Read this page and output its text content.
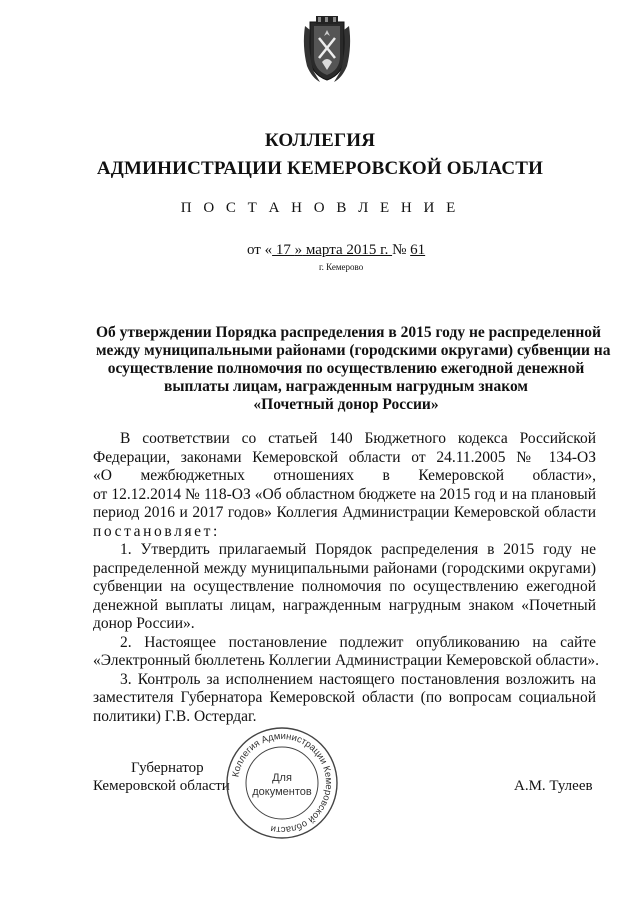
КОЛЛЕГИЯ
АДМИНИСТРАЦИИ КЕМЕРОВСКОЙ ОБЛАСТИ
П О С Т А Н О В Л Е Н И Е
от « 17 » марта 2015 г. № 61
г. Кемерово
Об утверждении Порядка распределения в 2015 году не распределенной
между муниципальными районами (городскими округами) субвенции на
осуществление полномочия по осуществлению ежегодной денежной
выплаты лицам, награжденным нагрудным знаком
«Почетный донор России»
В соответствии со статьей 140 Бюджетного кодекса Российской
Федерации, законами Кемеровской области от 24.11.2005 № 134-ОЗ
«О межбюджетных отношениях в Кемеровской области»,
от 12.12.2014 № 118-ОЗ «Об областном бюджете на 2015 год и на плановый
период 2016 и 2017 годов» Коллегия Администрации Кемеровской области
постановляет:
1. Утвердить прилагаемый Порядок распределения в 2015 году не
распределенной между муниципальными районами (городскими округами)
субвенции на осуществление полномочия по осуществлению ежегодной
денежной выплаты лицам, награжденным нагрудным знаком «Почетный
донор России».
2. Настоящее постановление подлежит опубликованию на сайте
«Электронный бюллетень Коллегии Администрации Кемеровской области».
3. Контроль за исполнением настоящего постановления возложить на
заместителя Губернатора Кемеровской области (по вопросам социальной
политики) Г.В. Остердаг.
Губернатор
Кемеровской области	А.М. Тулеев
Коллегия Администрации Кемеровской области
Для
документов
